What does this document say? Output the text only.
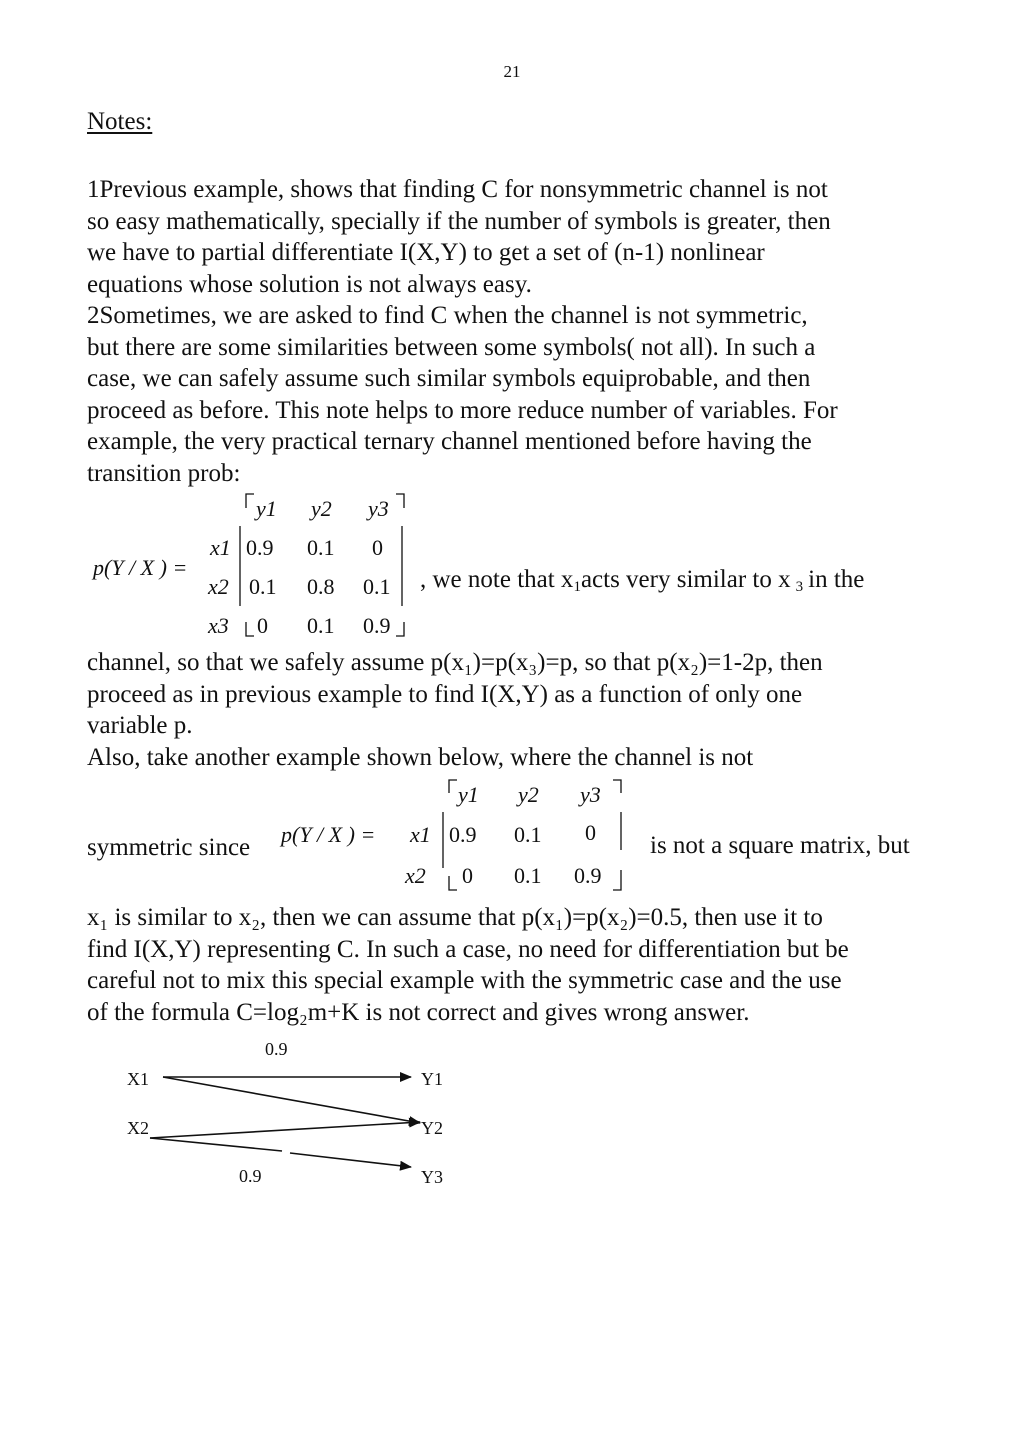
21
Notes:
1Previous example, shows that finding C for nonsymmetric channel is not
so easy mathematically, specially if the number of symbols is greater, then
we have to partial differentiate I(X,Y) to get a set of (n-1) nonlinear
equations whose solution is not always easy.
2Sometimes, we are asked to find C when the channel is not symmetric,
but there are some similarities between some symbols( not all). In such a
case, we can safely assume such similar symbols equiprobable, and then
proceed as before. This note helps to more reduce number of variables. For
example, the very practical ternary channel mentioned before having the
transition prob:
p(Y / X ) =
y1 y2 y3
x1
x2
x3
0.9 0.1 0
0.1 0.8 0.1
0 0.1 0.9
, we note that $x_1acts$ very similar to x  $_3$  in the
channel, so that we safely assume p(x₁)=p(x₃)=p, so that p(x₂)=1-2p, then
proceed as in previous example to find I(X,Y) as a function of only one
variable p.
Also, take another example shown below, where the channel is not
symmetric since p(Y / X ) =
y1 y2 y3
x1
x2
0.9 0.1 0
0 0.1 0.9
is not a square matrix, but
x₁ is similar to x₂, then we can assume that p(x₁)=p(x₂)=0.5, then use it to
find I(X,Y) representing C. In such a case, no need for differentiation but be
careful not to mix this special example with the symmetric case and the use
of the formula C=log₂m+K is not correct and gives wrong answer.
0.9
X1
X2
Y1
Y2
Y3
0.9
